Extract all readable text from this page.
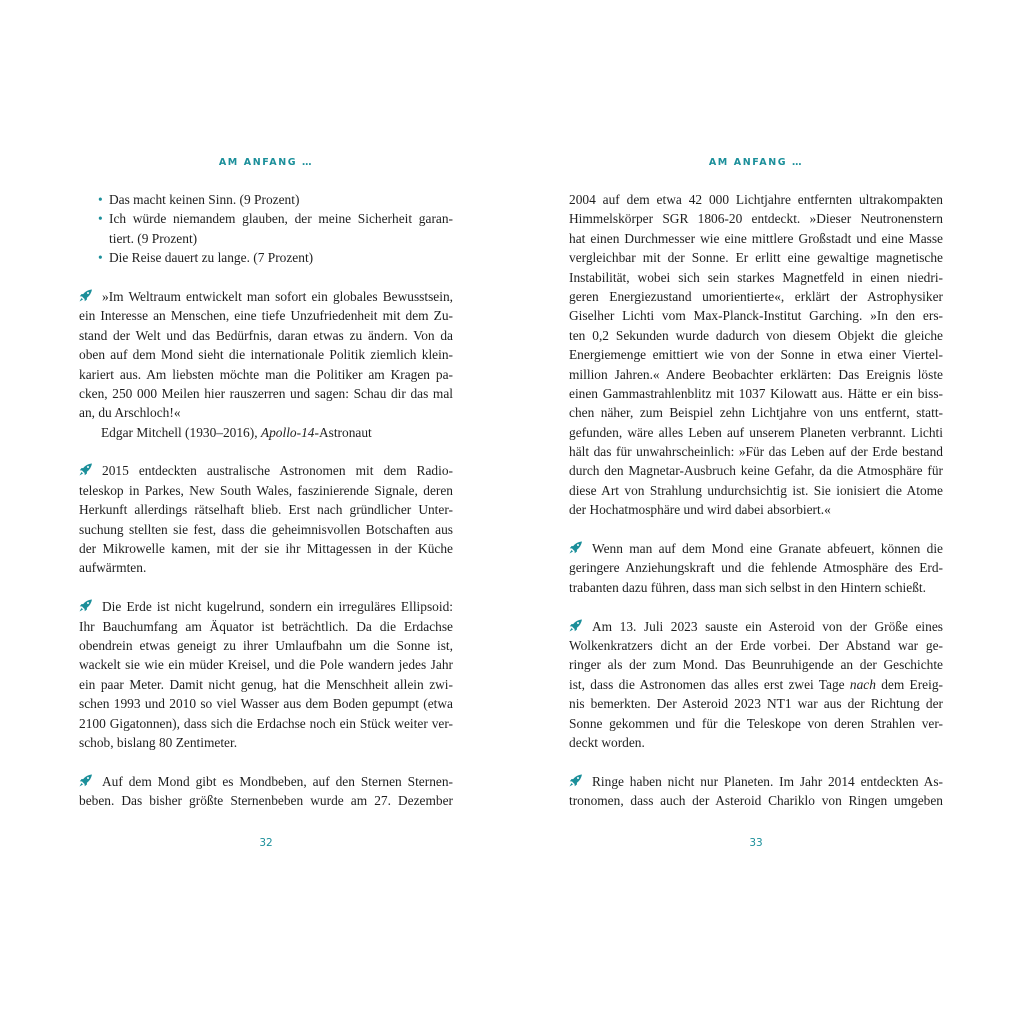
AM ANFANG …
• Das macht keinen Sinn. (9 Prozent)
• Ich würde niemandem glauben, der meine Sicherheit garan-
tiert. (9 Prozent)
• Die Reise dauert zu lange. (7 Prozent)
»Im Weltraum entwickelt man sofort ein globales Bewusstsein,
ein Interesse an Menschen, eine tiefe Unzufriedenheit mit dem Zu-
stand der Welt und das Bedürfnis, daran etwas zu ändern. Von da
oben auf dem Mond sieht die internationale Politik ziemlich klein-
kariert aus. Am liebsten möchte man die Politiker am Kragen pa-
cken, 250 000 Meilen hier rauszerren und sagen: Schau dir das mal
an, du Arschloch!«
Edgar Mitchell (1930–2016), Apollo-14-Astronaut
2015 entdeckten australische Astronomen mit dem Radio-
teleskop in Parkes, New South Wales, faszinierende Signale, deren
Herkunft allerdings rätselhaft blieb. Erst nach gründlicher Unter-
suchung stellten sie fest, dass die geheimnisvollen Botschaften aus
der Mikrowelle kamen, mit der sie ihr Mittagessen in der Küche
aufwärmten.
Die Erde ist nicht kugelrund, sondern ein irreguläres Ellipsoid:
Ihr Bauchumfang am Äquator ist beträchtlich. Da die Erdachse
obendrein etwas geneigt zu ihrer Umlaufbahn um die Sonne ist,
wackelt sie wie ein müder Kreisel, und die Pole wandern jedes Jahr
ein paar Meter. Damit nicht genug, hat die Menschheit allein zwi-
schen 1993 und 2010 so viel Wasser aus dem Boden gepumpt (etwa
2100 Gigatonnen), dass sich die Erdachse noch ein Stück weiter ver-
schob, bislang 80 Zentimeter.
Auf dem Mond gibt es Mondbeben, auf den Sternen Sternen-
beben. Das bisher größte Sternenbeben wurde am 27. Dezember
32
AM ANFANG …
2004 auf dem etwa 42 000 Lichtjahre entfernten ultrakompakten
Himmelskörper SGR 1806-20 entdeckt. »Dieser Neutronenstern
hat einen Durchmesser wie eine mittlere Großstadt und eine Masse
vergleichbar mit der Sonne. Er erlitt eine gewaltige magnetische
Instabilität, wobei sich sein starkes Magnetfeld in einen niedri-
geren Energiezustand umorientierte«, erklärt der Astrophysiker
Giselher Lichti vom Max-Planck-Institut Garching. »In den ers-
ten 0,2 Sekunden wurde dadurch von diesem Objekt die gleiche
Energiemenge emittiert wie von der Sonne in etwa einer Viertel-
million Jahren.« Andere Beobachter erklärten: Das Ereignis löste
einen Gammastrahlenblitz mit 1037 Kilowatt aus. Hätte er ein biss-
chen näher, zum Beispiel zehn Lichtjahre von uns entfernt, statt-
gefunden, wäre alles Leben auf unserem Planeten verbrannt. Lichti
hält das für unwahrscheinlich: »Für das Leben auf der Erde bestand
durch den Magnetar-Ausbruch keine Gefahr, da die Atmosphäre für
diese Art von Strahlung undurchsichtig ist. Sie ionisiert die Atome
der Hochatmosphäre und wird dabei absorbiert.«
Wenn man auf dem Mond eine Granate abfeuert, können die
geringere Anziehungskraft und die fehlende Atmosphäre des Erd-
trabanten dazu führen, dass man sich selbst in den Hintern schießt.
Am 13. Juli 2023 sauste ein Asteroid von der Größe eines
Wolkenkratzers dicht an der Erde vorbei. Der Abstand war ge-
ringer als der zum Mond. Das Beunruhigende an der Geschichte
ist, dass die Astronomen das alles erst zwei Tage nach dem Ereig-
nis bemerkten. Der Asteroid 2023 NT1 war aus der Richtung der
Sonne gekommen und für die Teleskope von deren Strahlen ver-
deckt worden.
Ringe haben nicht nur Planeten. Im Jahr 2014 entdeckten As-
tronomen, dass auch der Asteroid Chariklo von Ringen umgeben
33
